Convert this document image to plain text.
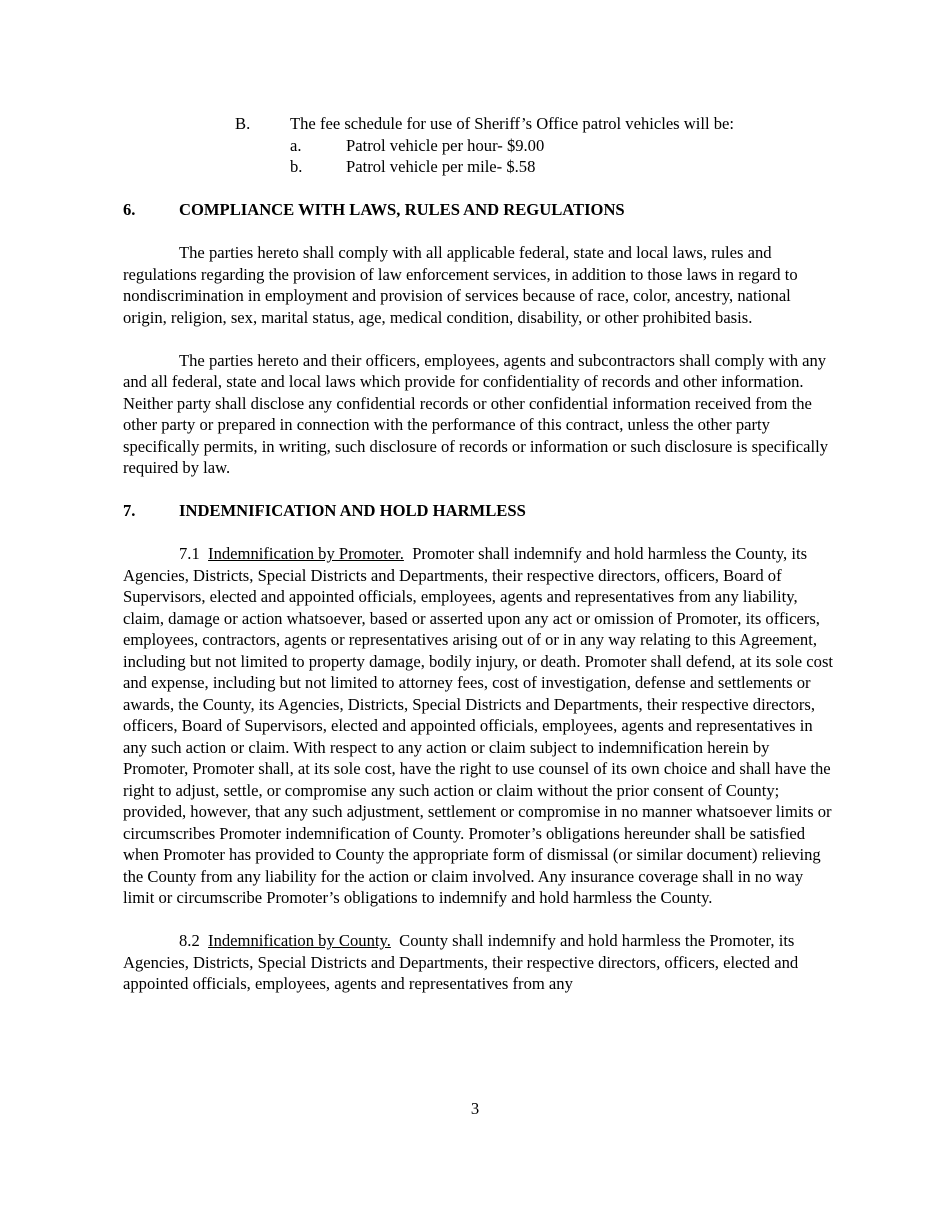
B. The fee schedule for use of Sheriff’s Office patrol vehicles will be:
a.	Patrol vehicle per hour- $9.00
b.	Patrol vehicle per mile- $.58
6.	COMPLIANCE WITH LAWS, RULES AND REGULATIONS

The parties hereto shall comply with all applicable federal, state and local laws, rules and regulations regarding the provision of law enforcement services, in addition to those laws in regard to nondiscrimination in employment and provision of services because of race, color, ancestry, national origin, religion, sex, marital status, age, medical condition, disability, or other prohibited basis.

The parties hereto and their officers, employees, agents and subcontractors shall comply with any and all federal, state and local laws which provide for confidentiality of records and other information. Neither party shall disclose any confidential records or other confidential information received from the other party or prepared in connection with the performance of this contract, unless the other party specifically permits, in writing, such disclosure of records or information or such disclosure is specifically required by law.

7.	INDEMNIFICATION AND HOLD HARMLESS

7.1 Indemnification by Promoter. Promoter shall indemnify and hold harmless the County, its Agencies, Districts, Special Districts and Departments, their respective directors, officers, Board of Supervisors, elected and appointed officials, employees, agents and representatives from any liability, claim, damage or action whatsoever, based or asserted upon any act or omission of Promoter, its officers, employees, contractors, agents or representatives arising out of or in any way relating to this Agreement, including but not limited to property damage, bodily injury, or death. Promoter shall defend, at its sole cost and expense, including but not limited to attorney fees, cost of investigation, defense and settlements or awards, the County, its Agencies, Districts, Special Districts and Departments, their respective directors, officers, Board of Supervisors, elected and appointed officials, employees, agents and representatives in any such action or claim. With respect to any action or claim subject to indemnification herein by Promoter, Promoter shall, at its sole cost, have the right to use counsel of its own choice and shall have the right to adjust, settle, or compromise any such action or claim without the prior consent of County; provided, however, that any such adjustment, settlement or compromise in no manner whatsoever limits or circumscribes Promoter indemnification of County. Promoter’s obligations hereunder shall be satisfied when Promoter has provided to County the appropriate form of dismissal (or similar document) relieving the County from any liability for the action or claim involved. Any insurance coverage shall in no way limit or circumscribe Promoter’s obligations to indemnify and hold harmless the County.

8.2 Indemnification by County. County shall indemnify and hold harmless the Promoter, its Agencies, Districts, Special Districts and Departments, their respective directors, officers, elected and appointed officials, employees, agents and representatives from any

3
